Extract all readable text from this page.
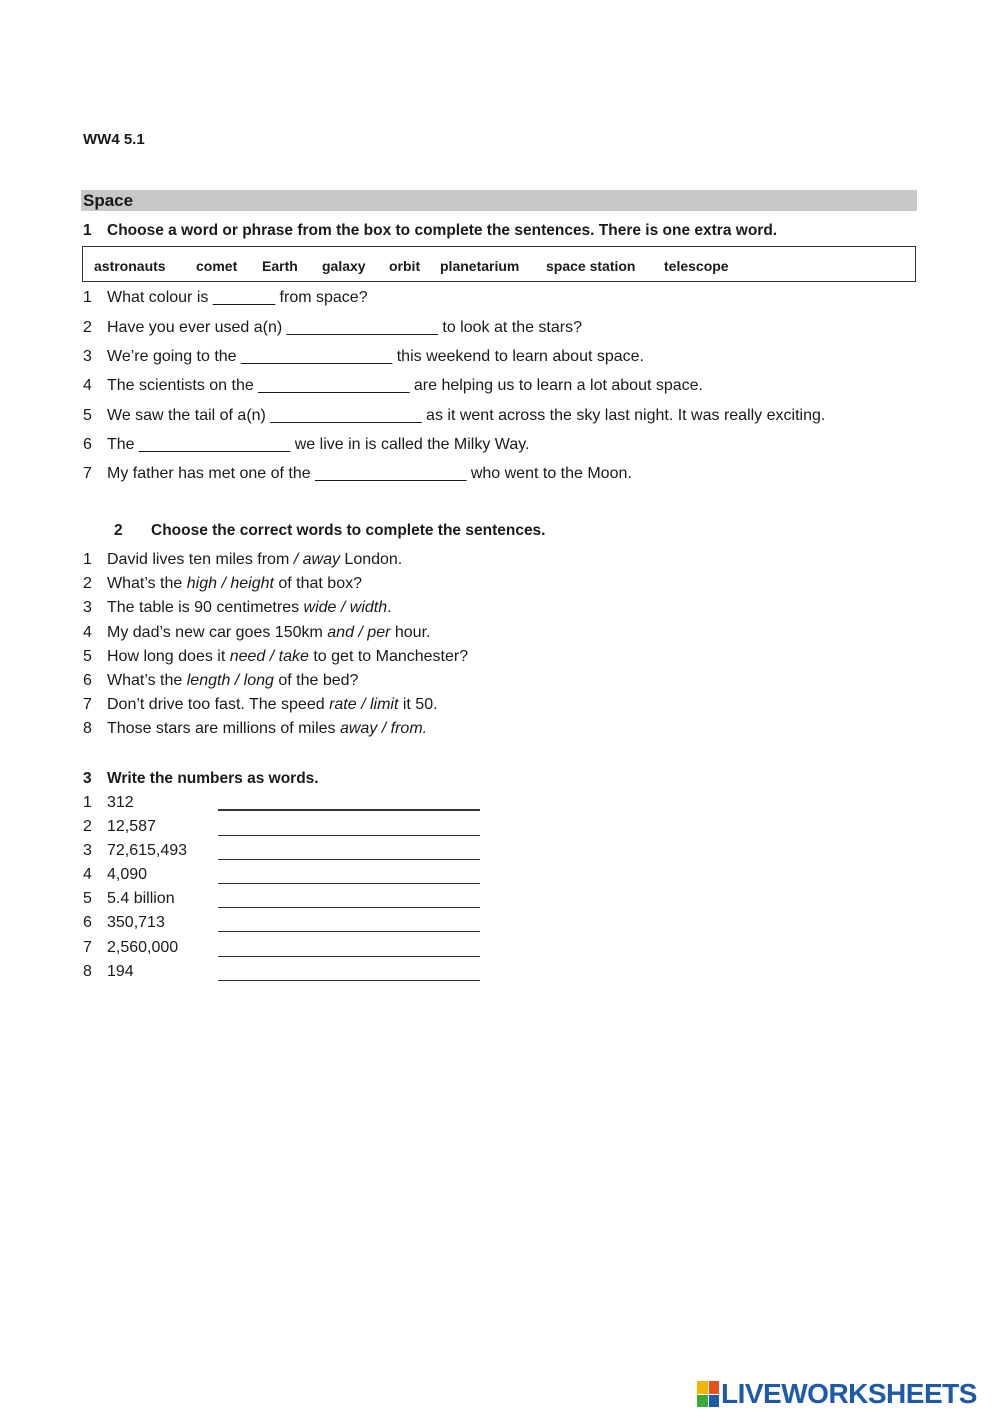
WW4 5.1
Space
1 Choose a word or phrase from the box to complete the sentences. There is one extra word.
astronauts comet Earth galaxy orbit planetarium space station telescope
1 What colour is _______ from space?
2 Have you ever used a(n) _________________ to look at the stars?
3 We’re going to the _________________ this weekend to learn about space.
4 The scientists on the _________________ are helping us to learn a lot about space.
5 We saw the tail of a(n) _________________ as it went across the sky last night. It was really exciting.
6 The _________________ we live in is called the Milky Way.
7 My father has met one of the _________________ who went to the Moon.
2 Choose the correct words to complete the sentences.
1 David lives ten miles from / away London.
2 What’s the high / height of that box?
3 The table is 90 centimetres wide / width.
4 My dad’s new car goes 150km and / per hour.
5 How long does it need / take to get to Manchester?
6 What’s the length / long of the bed?
7 Don’t drive too fast. The speed rate / limit it 50.
8 Those stars are millions of miles away / from.
3 Write the numbers as words.
1 312
2 12,587
3 72,615,493
4 4,090
5 5.4 billion
6 350,713
7 2,560,000
8 194
LIVEWORKSHEETS
